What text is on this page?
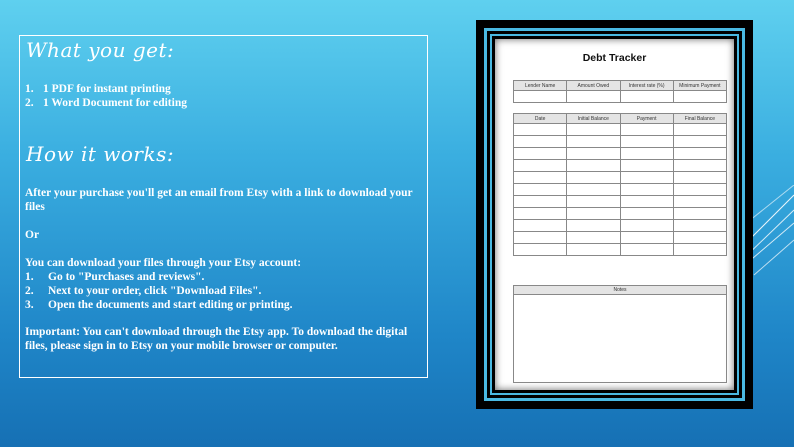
What you get:
1. 1 PDF for instant printing
2. 1 Word Document for editing
How it works:
After your purchase you'll get an email from Etsy with a link to download your
files
Or
You can download your files through your Etsy account:
1. Go to "Purchases and reviews".
2. Next to your order, click "Download Files".
3. Open the documents and start editing or printing.
Important: You can't download through the Etsy app. To download the digital
files, please sign in to Etsy on your mobile browser or computer.
Debt Tracker
Lender Name	Amount Owed	Interest rate (%)	Minimum Payment

Date	Initial Balance	Payment	Final Balance

Notes
